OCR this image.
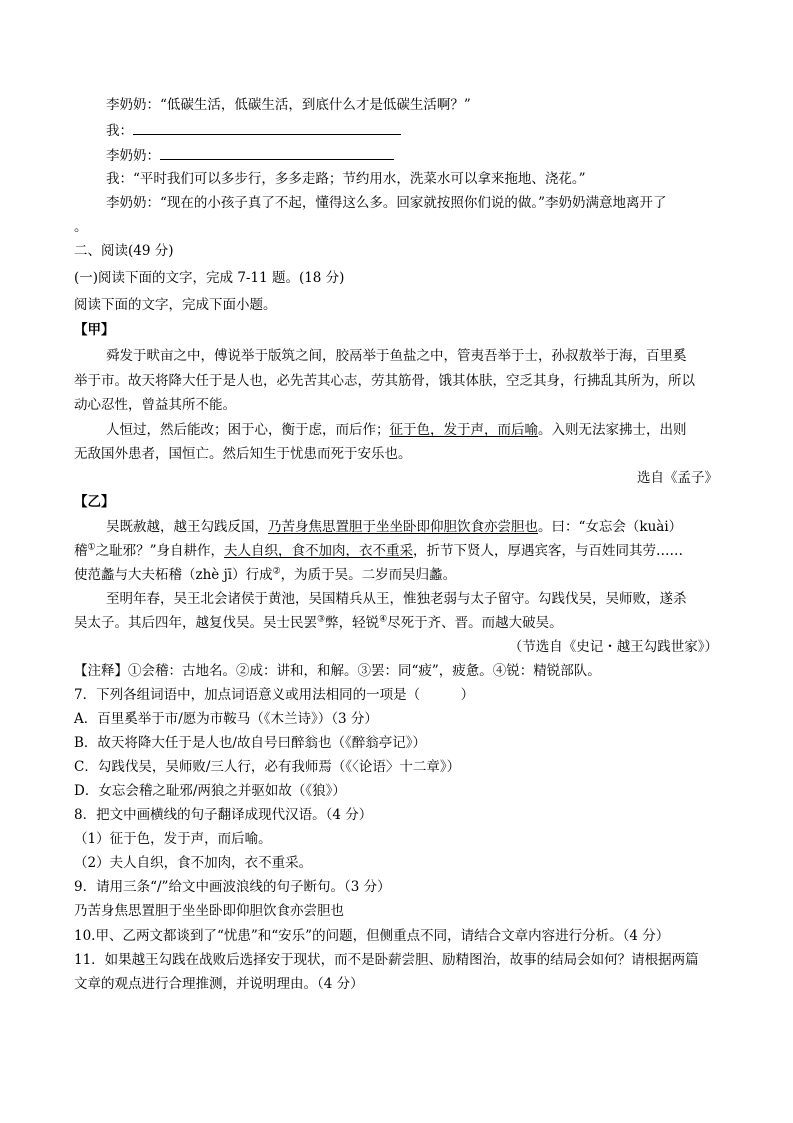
李奶奶：“低碳生活，低碳生活，到底什么才是低碳生活啊？”
我：
李奶奶：
我：“平时我们可以多步行，多多走路；节约用水，洗菜水可以拿来拖地、浇花。”
李奶奶：“现在的小孩子真了不起，懂得这么多。回家就按照你们说的做。”李奶奶满意地离开了
。
二、阅读(49 分)
(一)阅读下面的文字，完成 7-11 题。(18 分)
阅读下面的文字，完成下面小题。
【甲】
舜发于畎亩之中，傅说举于版筑之间，胶鬲举于鱼盐之中，管夷吾举于士，孙叔敖举于海，百里奚
举于市。故天将降大任于是人也，必先苦其心志，劳其筋骨，饿其体肤，空乏其身，行拂乱其所为，所以
动心忍性，曾益其所不能。
人恒过，然后能改；困于心，衡于虑，而后作；征于色，发于声，而后喻。入则无法家拂士，出则
无敌国外患者，国恒亡。然后知生于忧患而死于安乐也。
选自《孟子》
【乙】
吴既赦越，越王勾践反国，乃苦身焦思置胆于坐坐卧即仰胆饮食亦尝胆也。曰：“女忘会（kuài）
稽①之耻邪？”身自耕作，夫人自织，食不加肉，衣不重采，折节下贤人，厚遇宾客，与百姓同其劳……
使范蠡与大夫柘稽（zhè jī）行成②，为质于吴。二岁而吴归蠡。
至明年春，吴王北会诸侯于黄池，吴国精兵从王，惟独老弱与太子留守。勾践伐吴，吴师败，遂杀
吴太子。其后四年，越复伐吴。吴士民罢③弊，轻锐④尽死于齐、晋。而越大破吴。
（节选自《史记・越王勾践世家》）
【注释】①会稽：古地名。②成：讲和，和解。③罢：同“疲”，疲惫。④锐：精锐部队。
7．下列各组词语中，加点词语意义或用法相同的一项是（　　　）
A．百里奚举于市/愿为市鞍马（《木兰诗》）（3 分）
B．故天将降大任于是人也/故自号曰醉翁也（《醉翁亭记》）
C．勾践伐吴，吴师败/三人行，必有我师焉（《〈论语〉十二章》）
D．女忘会稽之耻邪/两狼之并驱如故（《狼》）
8．把文中画横线的句子翻译成现代汉语。（4 分）
（1）征于色，发于声，而后喻。
（2）夫人自织，食不加肉，衣不重采。
9．请用三条“/”给文中画波浪线的句子断句。（3 分）
乃苦身焦思置胆于坐坐卧即仰胆饮食亦尝胆也
10.甲、乙两文都谈到了“忧患”和“安乐”的问题，但侧重点不同，请结合文章内容进行分析。（4 分）
11．如果越王勾践在战败后选择安于现状，而不是卧薪尝胆、励精图治，故事的结局会如何？请根据两篇
文章的观点进行合理推测，并说明理由。（4 分）
